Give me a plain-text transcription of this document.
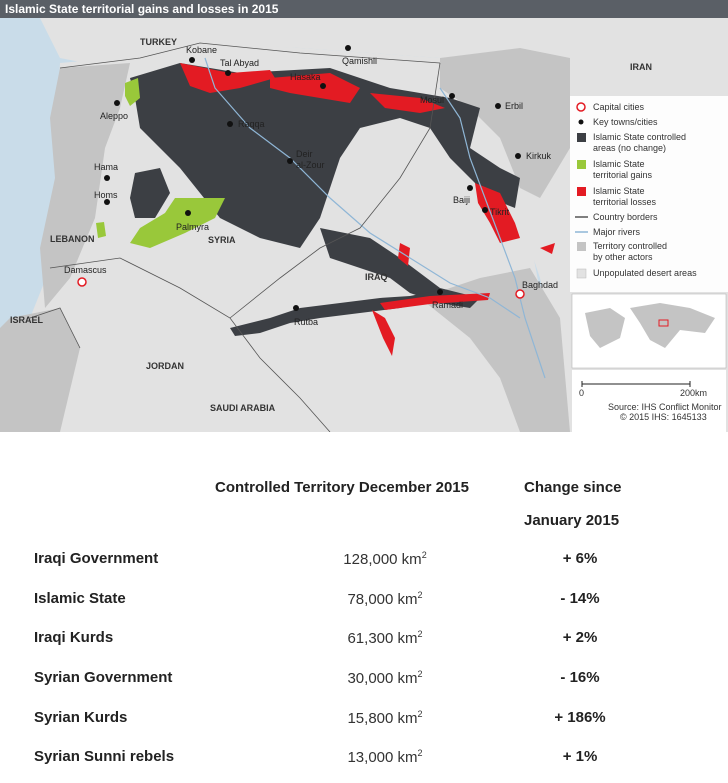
Islamic State territorial gains and losses in 2015
TURKEY
IRAN
SYRIA
IRAQ
LEBANON
ISRAEL
JORDAN
SAUDI ARABIA
Kobane
Tal Abyad	Qamishli
Hasaka
Aleppo
Raqqa
Mosul
Erbil
Kirkuk
Hama
Homs
Deir
al-Zour
Palmyra
Baiji
Tikrit
Damascus
Baghdad
Ramadi
Rutba
Capital cities
Key towns/cities
Islamic State controlled
areas (no change)
Islamic State
territorial gains
Islamic State
territorial losses
Country borders
Major rivers
Territory controlled
by other actors
Unpopulated desert areas
0	200km
Source: IHS Conflict Monitor
© 2015 IHS: 1645133
Controlled Territory December 2015	Change since
January 2015
Iraqi Government	128,000 $km^2$	+ 6%
Islamic State	78,000 $km^2$	- 14%
Iraqi Kurds	61,300 $km^2$	+ 2%
Syrian Government	30,000 $km^2$	- 16%
Syrian Kurds	15,800 $km^2$	+ 186%
Syrian Sunni rebels	13,000 $km^2$	+ 1%
